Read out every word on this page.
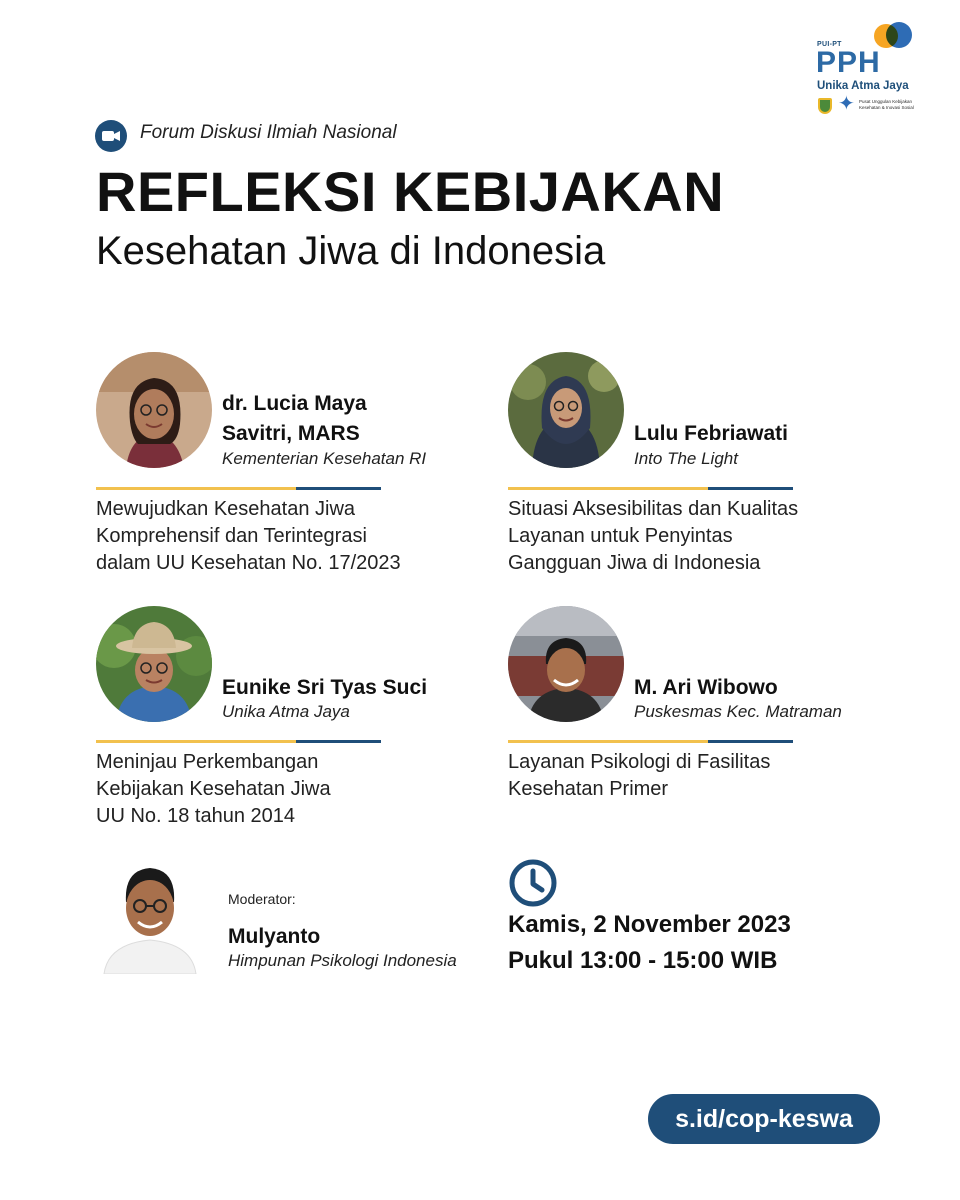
PUI-PT
PPH
Unika Atma Jaya
✦ Pusat Unggulan Kebijakan Kesehatan & Inovasi Sosial
Forum Diskusi Ilmiah Nasional
REFLEKSI KEBIJAKAN
Kesehatan Jiwa di Indonesia
dr. Lucia Maya
Savitri, MARS
Kementerian Kesehatan RI
Mewujudkan Kesehatan Jiwa
Komprehensif dan Terintegrasi
dalam UU Kesehatan No. 17/2023
Lulu Febriawati
Into The Light
Situasi Aksesibilitas dan Kualitas
Layanan untuk Penyintas
Gangguan Jiwa di Indonesia
Eunike Sri Tyas Suci
Unika Atma Jaya
Meninjau Perkembangan
Kebijakan Kesehatan Jiwa
UU No. 18 tahun 2014
M. Ari Wibowo
Puskesmas Kec. Matraman
Layanan Psikologi di Fasilitas
Kesehatan Primer
Moderator:
Mulyanto
Himpunan Psikologi Indonesia
Kamis, 2 November 2023
Pukul 13:00 - 15:00 WIB
s.id/cop-keswa
